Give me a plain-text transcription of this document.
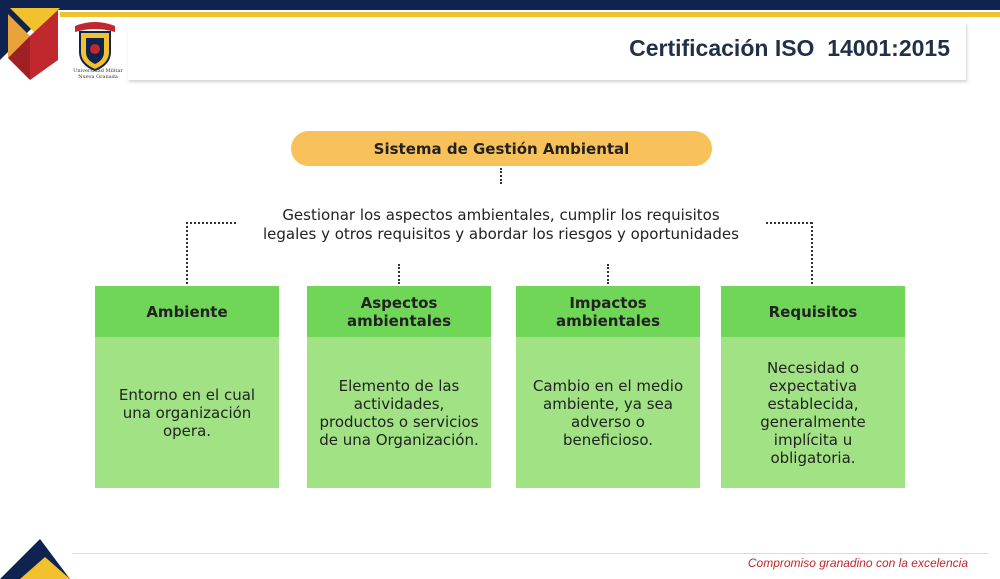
Universidad Militar Nueva Granada
Certificación ISO  14001:2015
Sistema de Gestión Ambiental
Gestionar los aspectos ambientales, cumplir los requisitos
legales y otros requisitos y abordar los riesgos y oportunidades
Ambiente
Entorno en el cual una organización opera.
Aspectos ambientales
Elemento de las actividades, productos o servicios de una Organización.
Impactos ambientales
Cambio en el medio ambiente, ya sea adverso o beneficioso.
Requisitos
Necesidad o expectativa establecida, generalmente implícita u obligatoria.
Compromiso granadino con la excelencia
